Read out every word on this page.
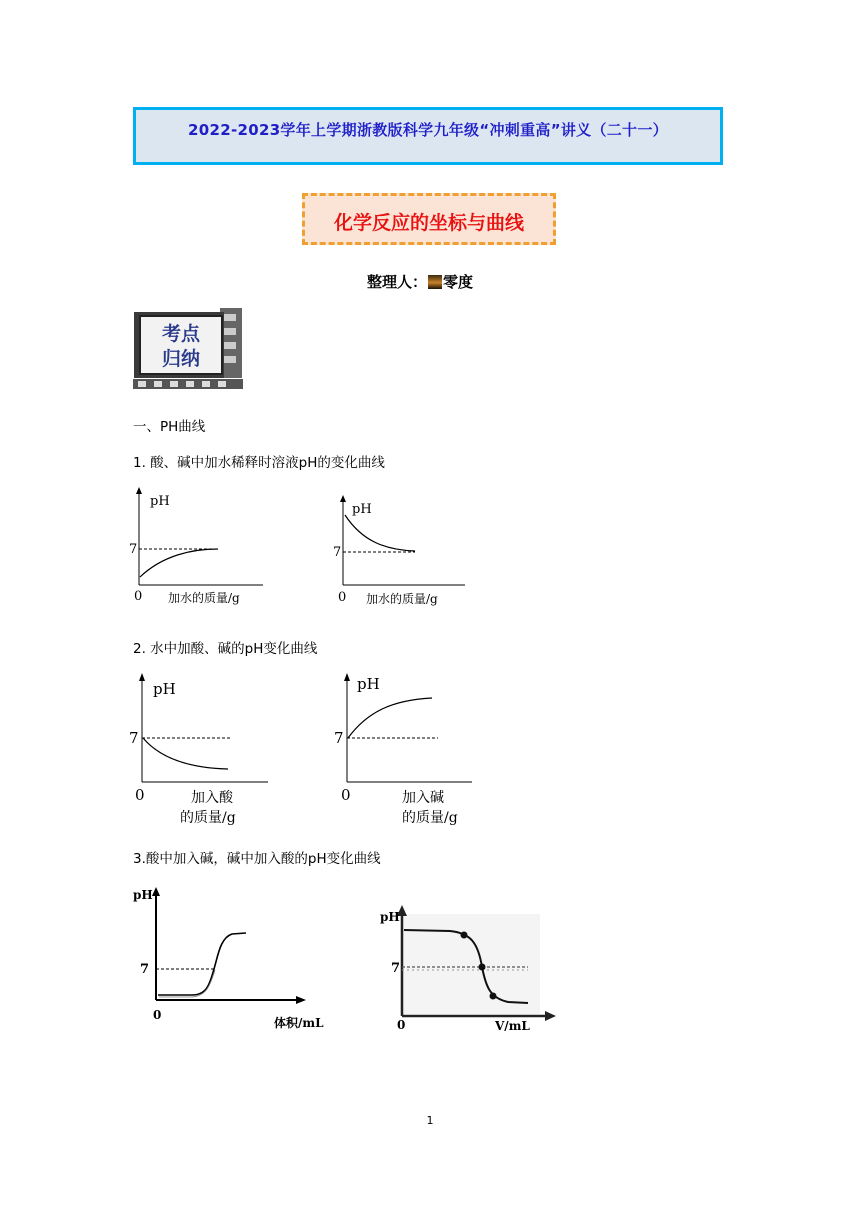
2022-2023学年上学期浙教版科学九年级“冲刺重高”讲义（二十一）
化学反应的坐标与曲线
整理人： 零度
考点
归纳
一、PH曲线
1. 酸、碱中加水稀释时溶液pH的变化曲线
2. 水中加酸、碱的pH变化曲线
3.酸中加入碱，碱中加入酸的pH变化曲线
pH
7
0 加水的质量/g
pH
7
0 加水的质量/g
pH
7
0	加入酸
的质量/g
pH
7
0	加入碱
的质量/g
pH
7
0
体积/mL
pH
7
0	V/mL
1
